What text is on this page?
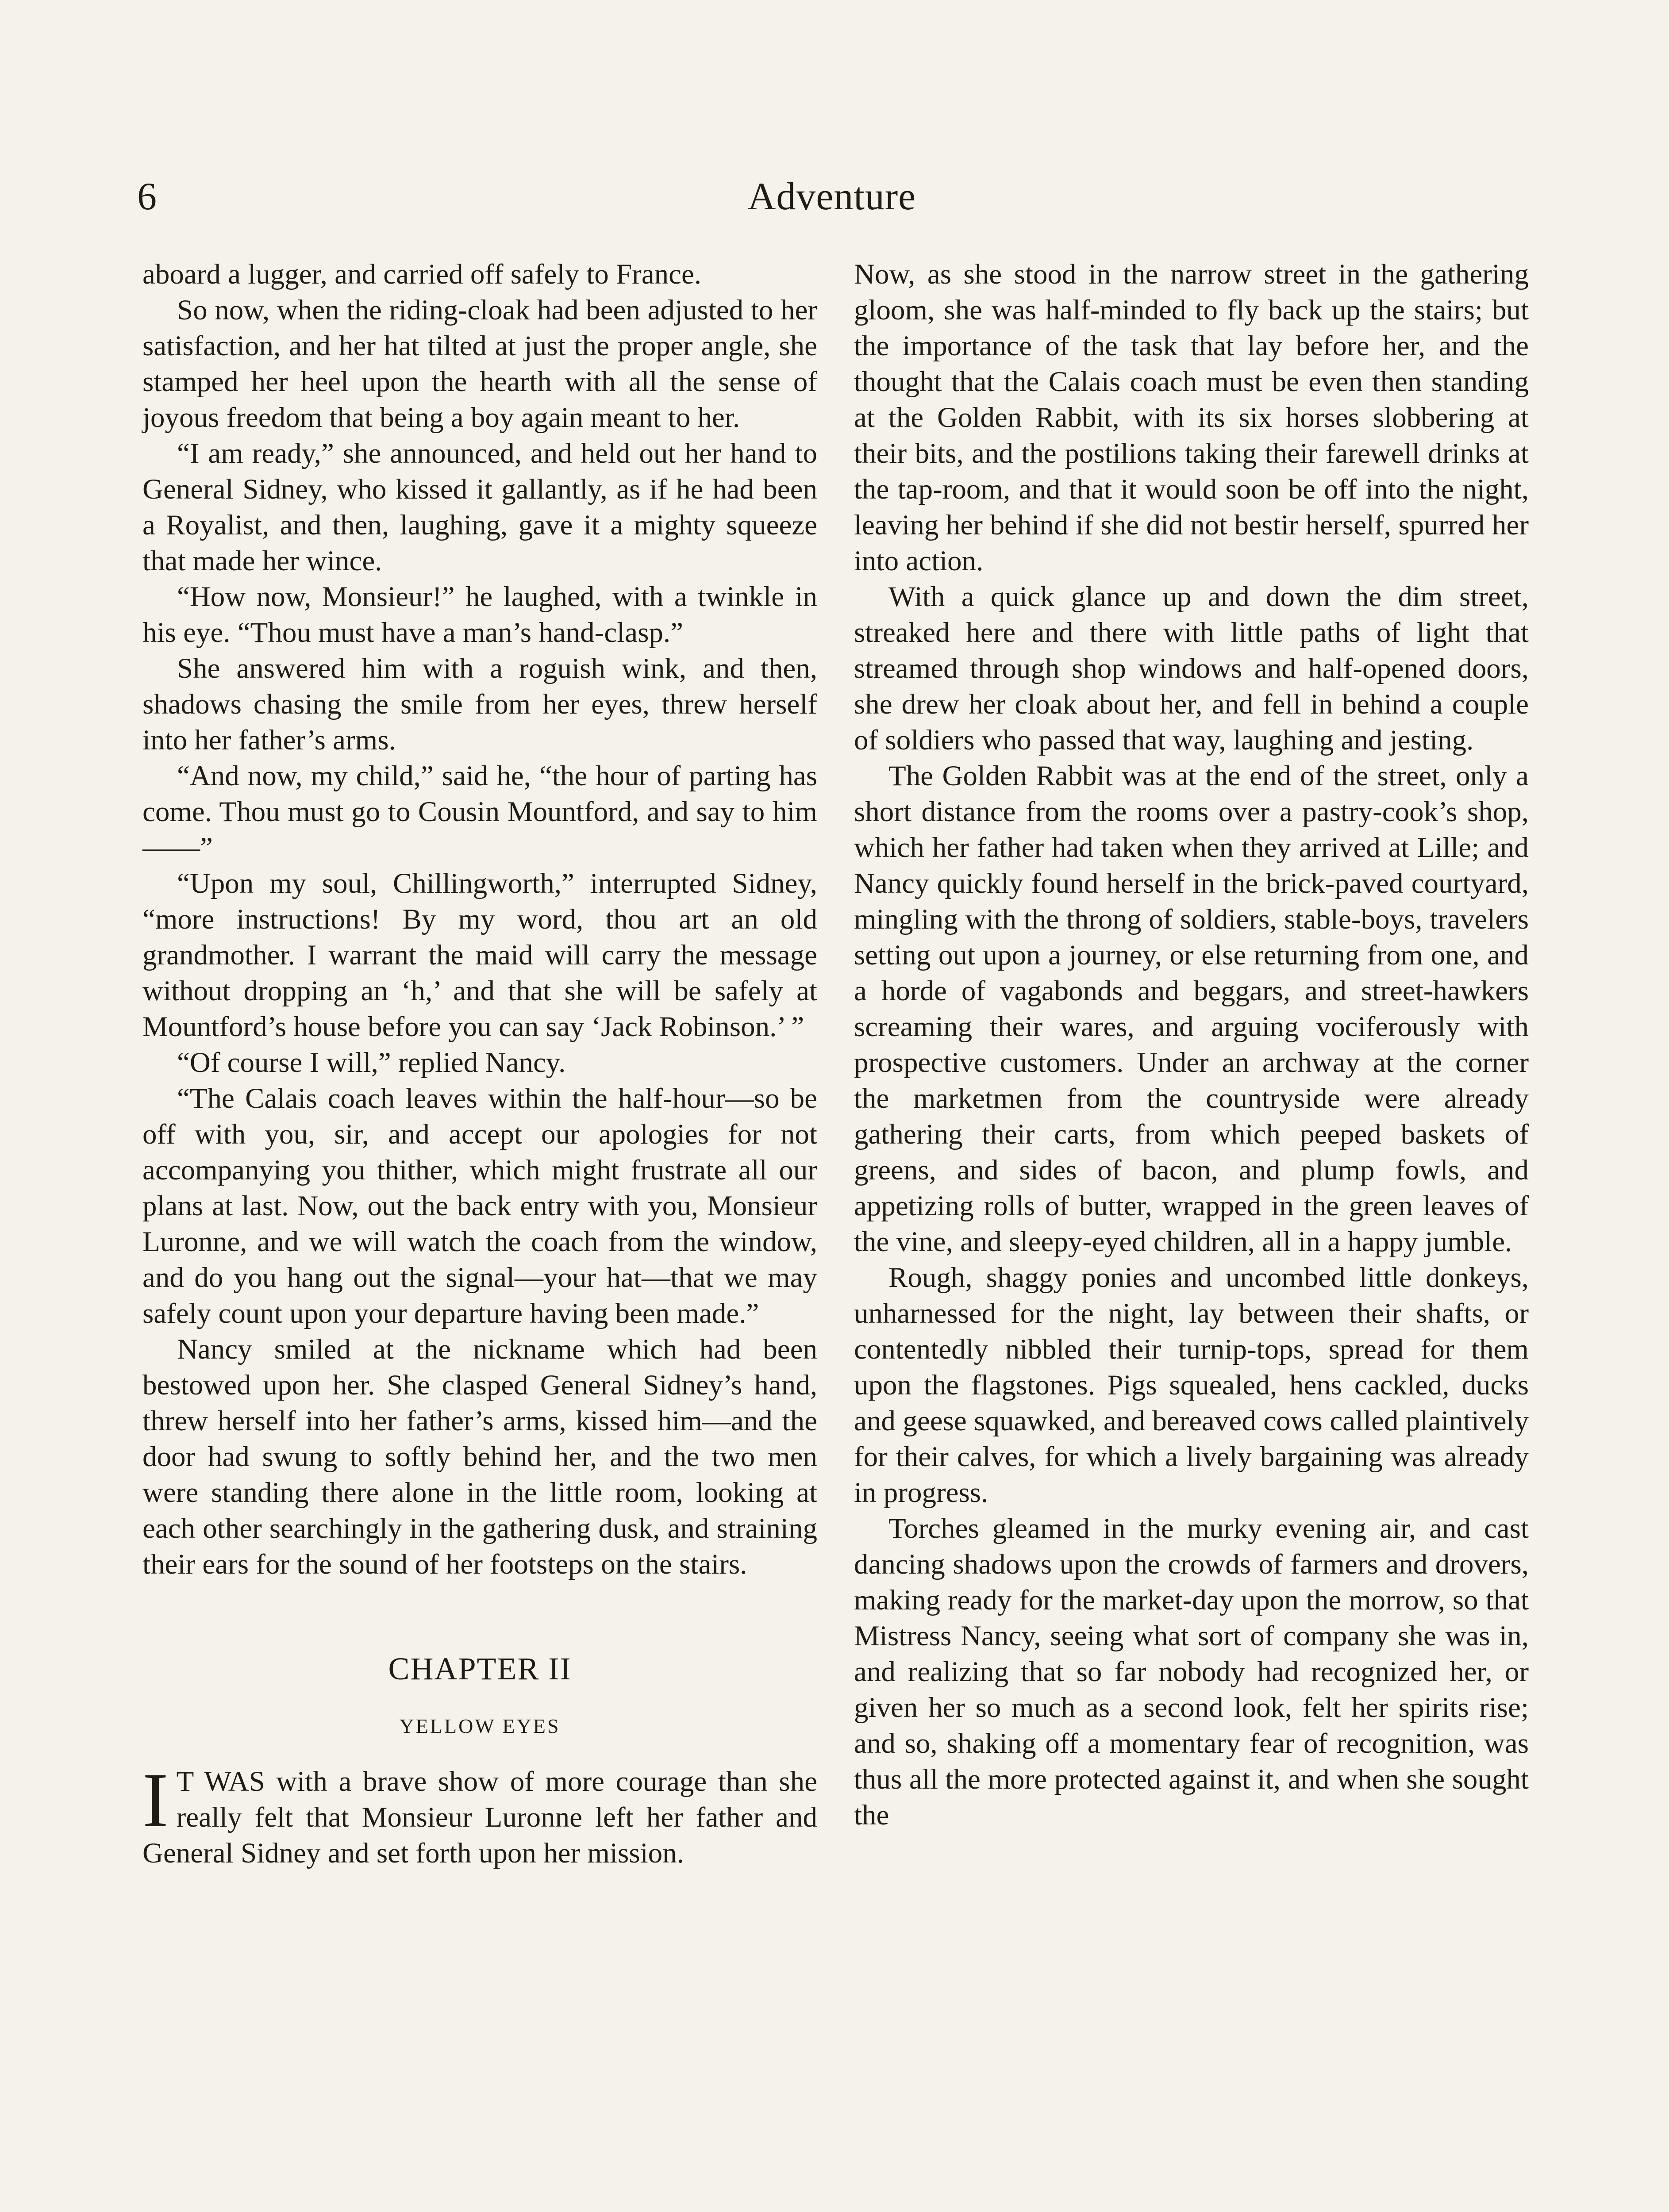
6	Adventure

aboard a lugger, and carried off safely to France.

So now, when the riding-cloak had been adjusted to her satisfaction, and her hat tilted at just the proper angle, she stamped her heel upon the hearth with all the sense of joyous freedom that being a boy again meant to her.

“I am ready,” she announced, and held out her hand to General Sidney, who kissed it gallantly, as if he had been a Royalist, and then, laughing, gave it a mighty squeeze that made her wince.

“How now, Monsieur!” he laughed, with a twinkle in his eye. “Thou must have a man’s hand-clasp.”

She answered him with a roguish wink, and then, shadows chasing the smile from her eyes, threw herself into her father’s arms.

“And now, my child,” said he, “the hour of parting has come. Thou must go to Cousin Mountford, and say to him——”

“Upon my soul, Chillingworth,” interrupted Sidney, “more instructions! By my word, thou art an old grandmother. I warrant the maid will carry the message without dropping an ‘h,’ and that she will be safely at Mountford’s house before you can say ‘Jack Robinson.’ ”

“Of course I will,” replied Nancy.

“The Calais coach leaves within the half-hour—so be off with you, sir, and accept our apologies for not accompanying you thither, which might frustrate all our plans at last. Now, out the back entry with you, Monsieur Luronne, and we will watch the coach from the window, and do you hang out the signal—your hat—that we may safely count upon your departure having been made.”

Nancy smiled at the nickname which had been bestowed upon her. She clasped General Sidney’s hand, threw herself into her father’s arms, kissed him—and the door had swung to softly behind her, and the two men were standing there alone in the little room, looking at each other searchingly in the gathering dusk, and straining their ears for the sound of her footsteps on the stairs.

CHAPTER II
YELLOW EYES

I T WAS with a brave show of more courage than she really felt that Monsieur Luronne left her father and General Sidney and set forth upon her mission.

Now, as she stood in the narrow street in the gathering gloom, she was half-minded to fly back up the stairs; but the importance of the task that lay before her, and the thought that the Calais coach must be even then standing at the Golden Rabbit, with its six horses slobbering at their bits, and the postilions taking their farewell drinks at the tap-room, and that it would soon be off into the night, leaving her behind if she did not bestir herself, spurred her into action.

With a quick glance up and down the dim street, streaked here and there with little paths of light that streamed through shop windows and half-opened doors, she drew her cloak about her, and fell in behind a couple of soldiers who passed that way, laughing and jesting.

The Golden Rabbit was at the end of the street, only a short distance from the rooms over a pastry-cook’s shop, which her father had taken when they arrived at Lille; and Nancy quickly found herself in the brick-paved courtyard, mingling with the throng of soldiers, stable-boys, travelers setting out upon a journey, or else returning from one, and a horde of vagabonds and beggars, and street-hawkers screaming their wares, and arguing vociferously with prospective customers. Under an archway at the corner the marketmen from the countryside were already gathering their carts, from which peeped baskets of greens, and sides of bacon, and plump fowls, and appetizing rolls of butter, wrapped in the green leaves of the vine, and sleepy-eyed children, all in a happy jumble.

Rough, shaggy ponies and uncombed little donkeys, unharnessed for the night, lay between their shafts, or contentedly nibbled their turnip-tops, spread for them upon the flagstones. Pigs squealed, hens cackled, ducks and geese squawked, and bereaved cows called plaintively for their calves, for which a lively bargaining was already in progress.

Torches gleamed in the murky evening air, and cast dancing shadows upon the crowds of farmers and drovers, making ready for the market-day upon the morrow, so that Mistress Nancy, seeing what sort of company she was in, and realizing that so far nobody had recognized her, or given her so much as a second look, felt her spirits rise; and so, shaking off a momentary fear of recognition, was thus all the more protected against it, and when she sought the
